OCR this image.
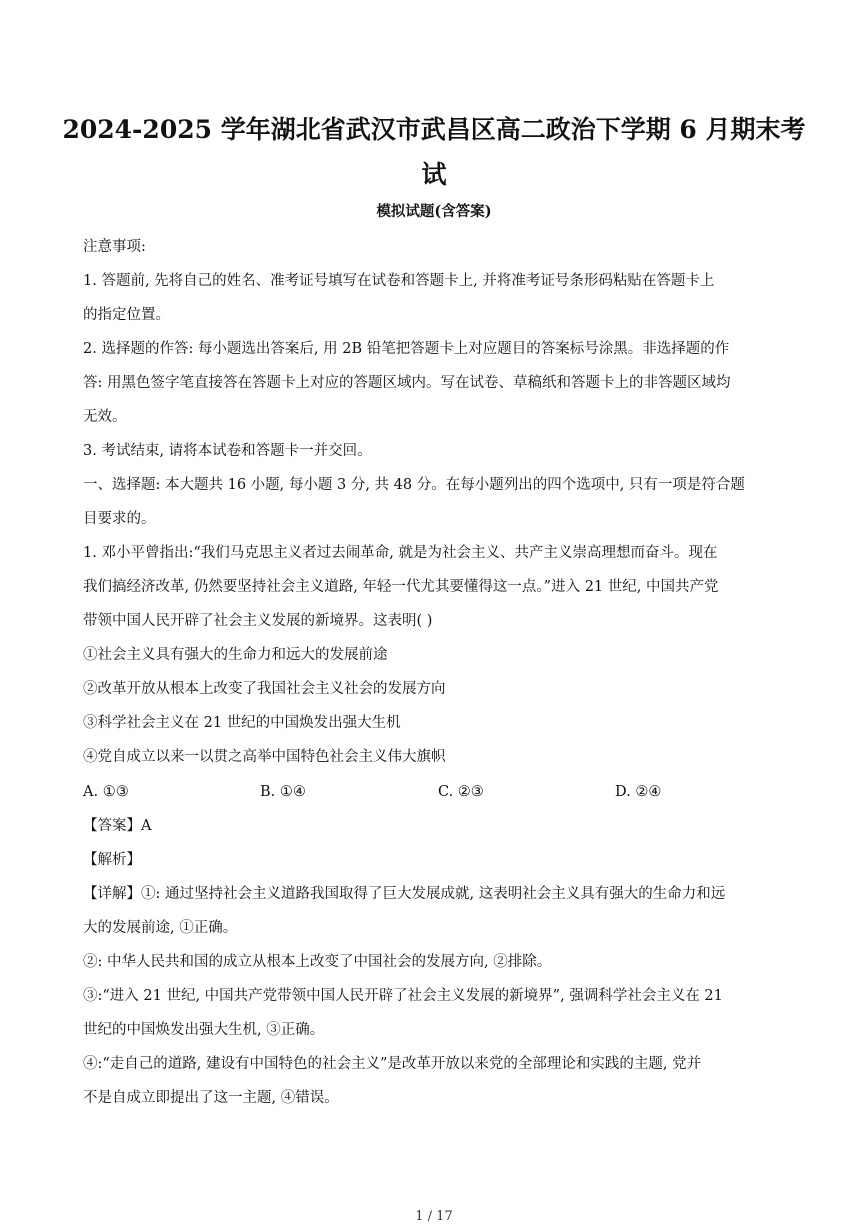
2024-2025 学年湖北省武汉市武昌区高二政治下学期 6 月期末考
试
模拟试题(含答案)
注意事项:
1. 答题前, 先将自己的姓名、准考证号填写在试卷和答题卡上, 并将准考证号条形码粘贴在答题卡上
的指定位置。
2. 选择题的作答: 每小题选出答案后, 用 2B 铅笔把答题卡上对应题目的答案标号涂黑。非选择题的作
答: 用黑色签字笔直接答在答题卡上对应的答题区域内。写在试卷、草稿纸和答题卡上的非答题区域均
无效。
3. 考试结束, 请将本试卷和答题卡一并交回。
一、选择题: 本大题共 16 小题, 每小题 3 分, 共 48 分。在每小题列出的四个选项中, 只有一项是符合题
目要求的。
1. 邓小平曾指出:“我们马克思主义者过去闹革命, 就是为社会主义、共产主义崇高理想而奋斗。现在
我们搞经济改革, 仍然要坚持社会主义道路, 年轻一代尤其要懂得这一点。”进入 21 世纪, 中国共产党
带领中国人民开辟了社会主义发展的新境界。这表明( )
①社会主义具有强大的生命力和远大的发展前途
②改革开放从根本上改变了我国社会主义社会的发展方向
③科学社会主义在 21 世纪的中国焕发出强大生机
④党自成立以来一以贯之高举中国特色社会主义伟大旗帜
A. ①③	B. ①④	C. ②③	D. ②④
【答案】A
【解析】
【详解】①: 通过坚持社会主义道路我国取得了巨大发展成就, 这表明社会主义具有强大的生命力和远
大的发展前途, ①正确。
②: 中华人民共和国的成立从根本上改变了中国社会的发展方向, ②排除。
③:“进入 21 世纪, 中国共产党带领中国人民开辟了社会主义发展的新境界”, 强调科学社会主义在 21
世纪的中国焕发出强大生机, ③正确。
④:“走自己的道路, 建设有中国特色的社会主义”是改革开放以来党的全部理论和实践的主题, 党并
不是自成立即提出了这一主题, ④错误。
1 / 17
